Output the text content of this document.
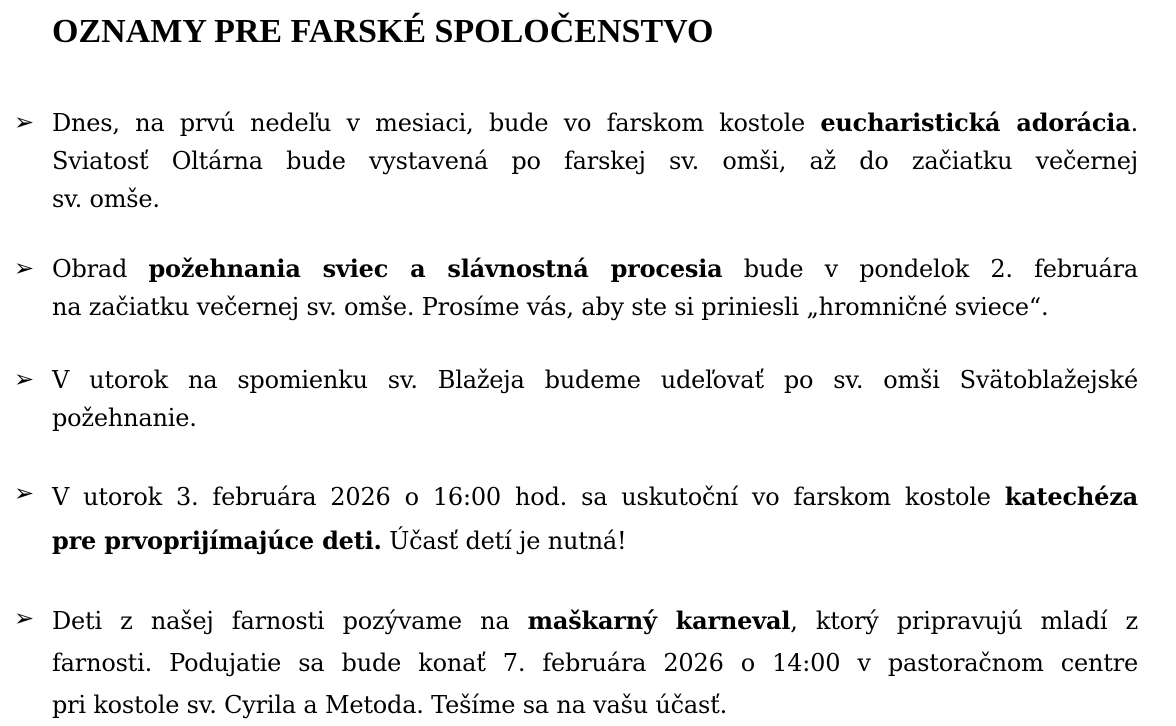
OZNAMY PRE FARSKÉ SPOLOČENSTVO
➢ Dnes, na prvú nedeľu v mesiaci, bude vo farskom kostole eucharistická adorácia.
Sviatosť Oltárna bude vystavená po farskej sv. omši, až do začiatku večernej
sv. omše.
➢ Obrad požehnania sviec a slávnostná procesia bude v pondelok 2. februára
na začiatku večernej sv. omše. Prosíme vás, aby ste si priniesli „hromničné sviece“.
➢ V utorok na spomienku sv. Blažeja budeme udeľovať po sv. omši Svätoblažejské
požehnanie.
➢ V utorok 3. februára 2026 o 16:00 hod. sa uskutoční vo farskom kostole katechéza
pre prvoprijímajúce deti. Účasť detí je nutná!
➢ Deti z našej farnosti pozývame na maškarný karneval, ktorý pripravujú mladí z
farnosti. Podujatie sa bude konať 7. februára 2026 o 14:00 v pastoračnom centre
pri kostole sv. Cyrila a Metoda. Tešíme sa na vašu účasť.
